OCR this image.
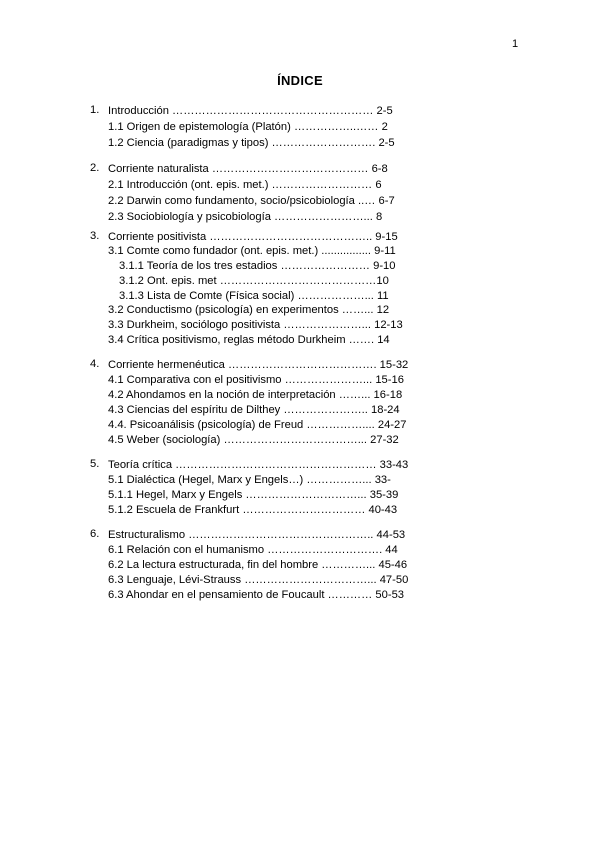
1
ÍNDICE
1. Introducción ……………………………………………… 2-5
1.1 Origen de epistemología (Platón) ……………..…… 2
1.2 Ciencia (paradigmas y tipos) ………………………. 2-5
2. Corriente naturalista …………………………………… 6-8
2.1 Introducción (ont. epis. met.) ……………………… 6
2.2 Darwin como fundamento, socio/psicobiología ..… 6-7
2.3 Sociobiología y psicobiología ……………………... 8
3. Corriente positivista …………………………………….. 9-15
3.1 Comte como fundador (ont. epis. met.) ................ 9-11
3.1.1 Teoría de los tres estadios …………………… 9-10
3.1.2 Ont. epis. met ……………………………………10
3.1.3 Lista de Comte (Física social) ………………... 11
3.2 Conductismo (psicología) en experimentos ……... 12
3.3 Durkheim, sociólogo positivista …………………... 12-13
3.4 Crítica positivismo, reglas método Durkheim ……. 14
4. Corriente hermenéutica …………………………………. 15-32
4.1 Comparativa con el positivismo …………………... 15-16
4.2 Ahondamos en la noción de interpretación ……... 16-18
4.3 Ciencias del espíritu de Dilthey ………………….. 18-24
4.4. Psicoanálisis (psicología) de Freud …………….... 24-27
4.5 Weber (sociología) ………………………………... 27-32
5. Teoría crítica ……………………………………………… 33-43
5.1 Dialéctica (Hegel, Marx y Engels…) ……………... 33-
5.1.1 Hegel, Marx y Engels …………………………... 35-39
5.1.2 Escuela de Frankfurt …………………………… 40-43
6. Estructuralismo ………………………………………….. 44-53
6.1 Relación con el humanismo …………………………. 44
6.2 La lectura estructurada, fin del hombre …………... 45-46
6.3 Lenguaje, Lévi-Strauss ……………………………... 47-50
6.3 Ahondar en el pensamiento de Foucault ………… 50-53
